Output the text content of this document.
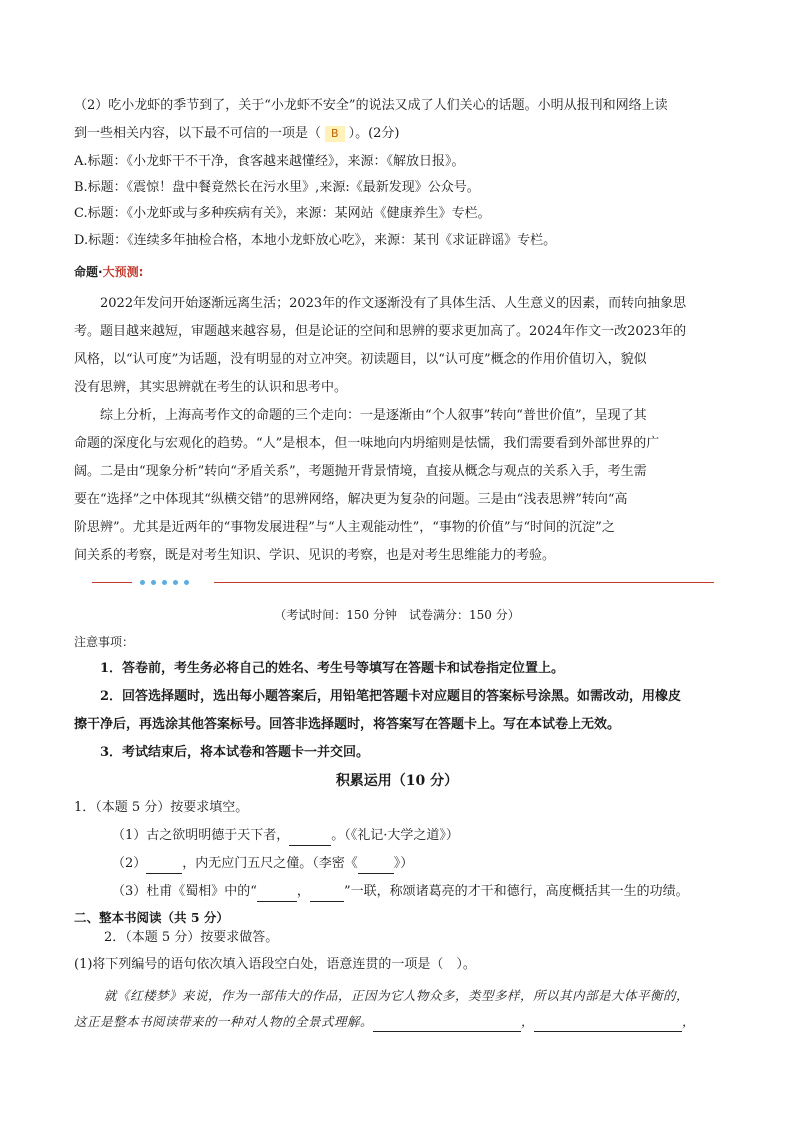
（2）吃小龙虾的季节到了，关于“小龙虾不安全”的说法又成了人们关心的话题。小明从报刊和网络上读
到一些相关内容，以下最不可信的一项是（ B ）。(2分)
A.标题：《小龙虾干不干净，食客越来越懂经》，来源：《解放日报》。
B.标题：《震惊！盘中餐竟然长在污水里》,来源:《最新发现》公众号。
C.标题：《小龙虾或与多种疾病有关》，来源：某网站《健康养生》专栏。
D.标题：《连续多年抽检合格，本地小龙虾放心吃》，来源：某刊《求证辟谣》专栏。
命题·大预测:
2022年发问开始逐渐远离生活；2023年的作文逐渐没有了具体生活、人生意义的因素，而转向抽象思
考。题目越来越短，审题越来越容易，但是论证的空间和思辨的要求更加高了。2024年作文一改2023年的
风格，以“认可度”为话题，没有明显的对立冲突。初读题目，以“认可度”概念的作用价值切入，貌似
没有思辨，其实思辨就在考生的认识和思考中。
综上分析，上海高考作文的命题的三个走向：一是逐渐由“个人叙事”转向“普世价值”，呈现了其
命题的深度化与宏观化的趋势。“人”是根本，但一味地向内坍缩则是怯懦，我们需要看到外部世界的广
阔。二是由“现象分析”转向“矛盾关系”，考题抛开背景情境，直接从概念与观点的关系入手，考生需
要在“选择”之中体现其“纵横交错”的思辨网络，解决更为复杂的问题。三是由“浅表思辨”转向“高
阶思辨”。尤其是近两年的“事物发展进程”与“人主观能动性”，“事物的价值”与“时间的沉淀”之
间关系的考察，既是对考生知识、学识、见识的考察，也是对考生思维能力的考验。
（考试时间：150 分钟　试卷满分：150 分）
注意事项：
1．答卷前，考生务必将自己的姓名、考生号等填写在答题卡和试卷指定位置上。
2．回答选择题时，选出每小题答案后，用铅笔把答题卡对应题目的答案标号涂黑。如需改动，用橡皮
擦干净后，再选涂其他答案标号。回答非选择题时，将答案写在答题卡上。写在本试卷上无效。
3．考试结束后，将本试卷和答题卡一并交回。
积累运用（10 分）
1．（本题 5 分）按要求填空。
（1）古之欲明明德于天下者，	。（《礼记·大学之道》）
（2）	，内无应门五尺之僮。（李密《	》）
（3）杜甫《蜀相》中的“	，	”一联，称颂诸葛亮的才干和德行，高度概括其一生的功绩。
二、整本书阅读（共 5 分）
2．（本题 5 分）按要求做答。
(1)将下列编号的语句依次填入语段空白处，语意连贯的一项是（　）。
就《红楼梦》来说，作为一部伟大的作品，正因为它人物众多，类型多样，所以其内部是大体平衡的，
这正是整本书阅读带来的一种对人物的全景式理解。	，	，
